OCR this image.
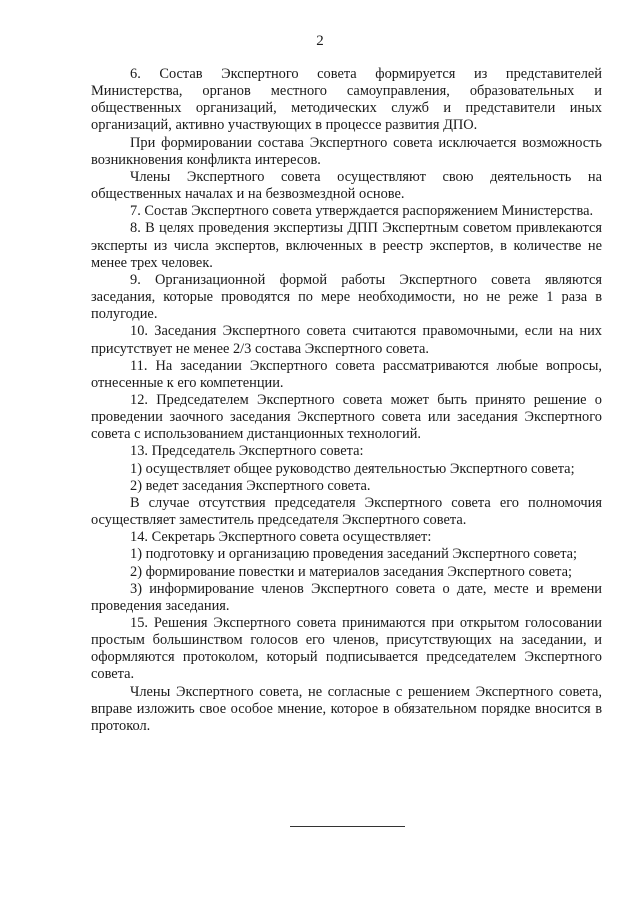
2

6. Состав Экспертного совета формируется из представителей Министерства, органов местного самоуправления, образовательных и общественных организаций, методических служб и представители иных организаций, активно участвующих в процессе развития ДПО.

При формировании состава Экспертного совета исключается возможность возникновения конфликта интересов.

Члены Экспертного совета осуществляют свою деятельность на общественных началах и на безвозмездной основе.

7. Состав Экспертного совета утверждается распоряжением Министерства.

8. В целях проведения экспертизы ДПП Экспертным советом привлекаются эксперты из числа экспертов, включенных в реестр экспертов, в количестве не менее трех человек.

9. Организационной формой работы Экспертного совета являются заседания, которые проводятся по мере необходимости, но не реже 1 раза в полугодие.

10. Заседания Экспертного совета считаются правомочными, если на них присутствует не менее 2/3 состава Экспертного совета.

11. На заседании Экспертного совета рассматриваются любые вопросы, отнесенные к его компетенции.

12. Председателем Экспертного совета может быть принято решение о проведении заочного заседания Экспертного совета или заседания Экспертного совета с использованием дистанционных технологий.

13. Председатель Экспертного совета:

1) осуществляет общее руководство деятельностью Экспертного совета;

2) ведет заседания Экспертного совета.

В случае отсутствия председателя Экспертного совета его полномочия осуществляет заместитель председателя Экспертного совета.

14. Секретарь Экспертного совета осуществляет:

1) подготовку и организацию проведения заседаний Экспертного совета;

2) формирование повестки и материалов заседания Экспертного совета;

3) информирование членов Экспертного совета о дате, месте и времени проведения заседания.

15. Решения Экспертного совета принимаются при открытом голосовании простым большинством голосов его членов, присутствующих на заседании, и оформляются протоколом, который подписывается председателем Экспертного совета.

Члены Экспертного совета, не согласные с решением Экспертного совета, вправе изложить свое особое мнение, которое в обязательном порядке вносится в протокол.
